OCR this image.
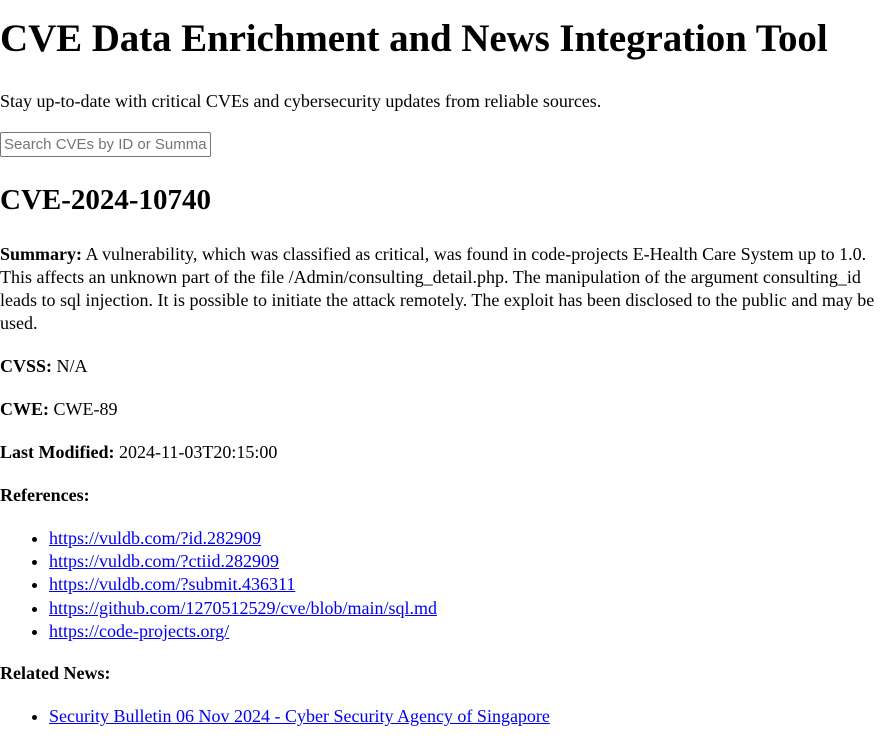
CVE Data Enrichment and News Integration Tool

Stay up-to-date with critical CVEs and cybersecurity updates from reliable sources.

Search CVEs by ID or Summary
CVE-2024-10740

Summary: A vulnerability, which was classified as critical, was found in code-projects E-Health Care System up to 1.0. This affects an unknown part of the file /Admin/consulting_detail.php. The manipulation of the argument consulting_id leads to sql injection. It is possible to initiate the attack remotely. The exploit has been disclosed to the public and may be used.

CVSS: N/A

CWE: CWE-89

Last Modified: 2024-11-03T20:15:00

References:

• https://vuldb.com/?id.282909
• https://vuldb.com/?ctiid.282909
• https://vuldb.com/?submit.436311
• https://github.com/1270512529/cve/blob/main/sql.md
• https://code-projects.org/

Related News:

• Security Bulletin 06 Nov 2024 - Cyber Security Agency of Singapore
